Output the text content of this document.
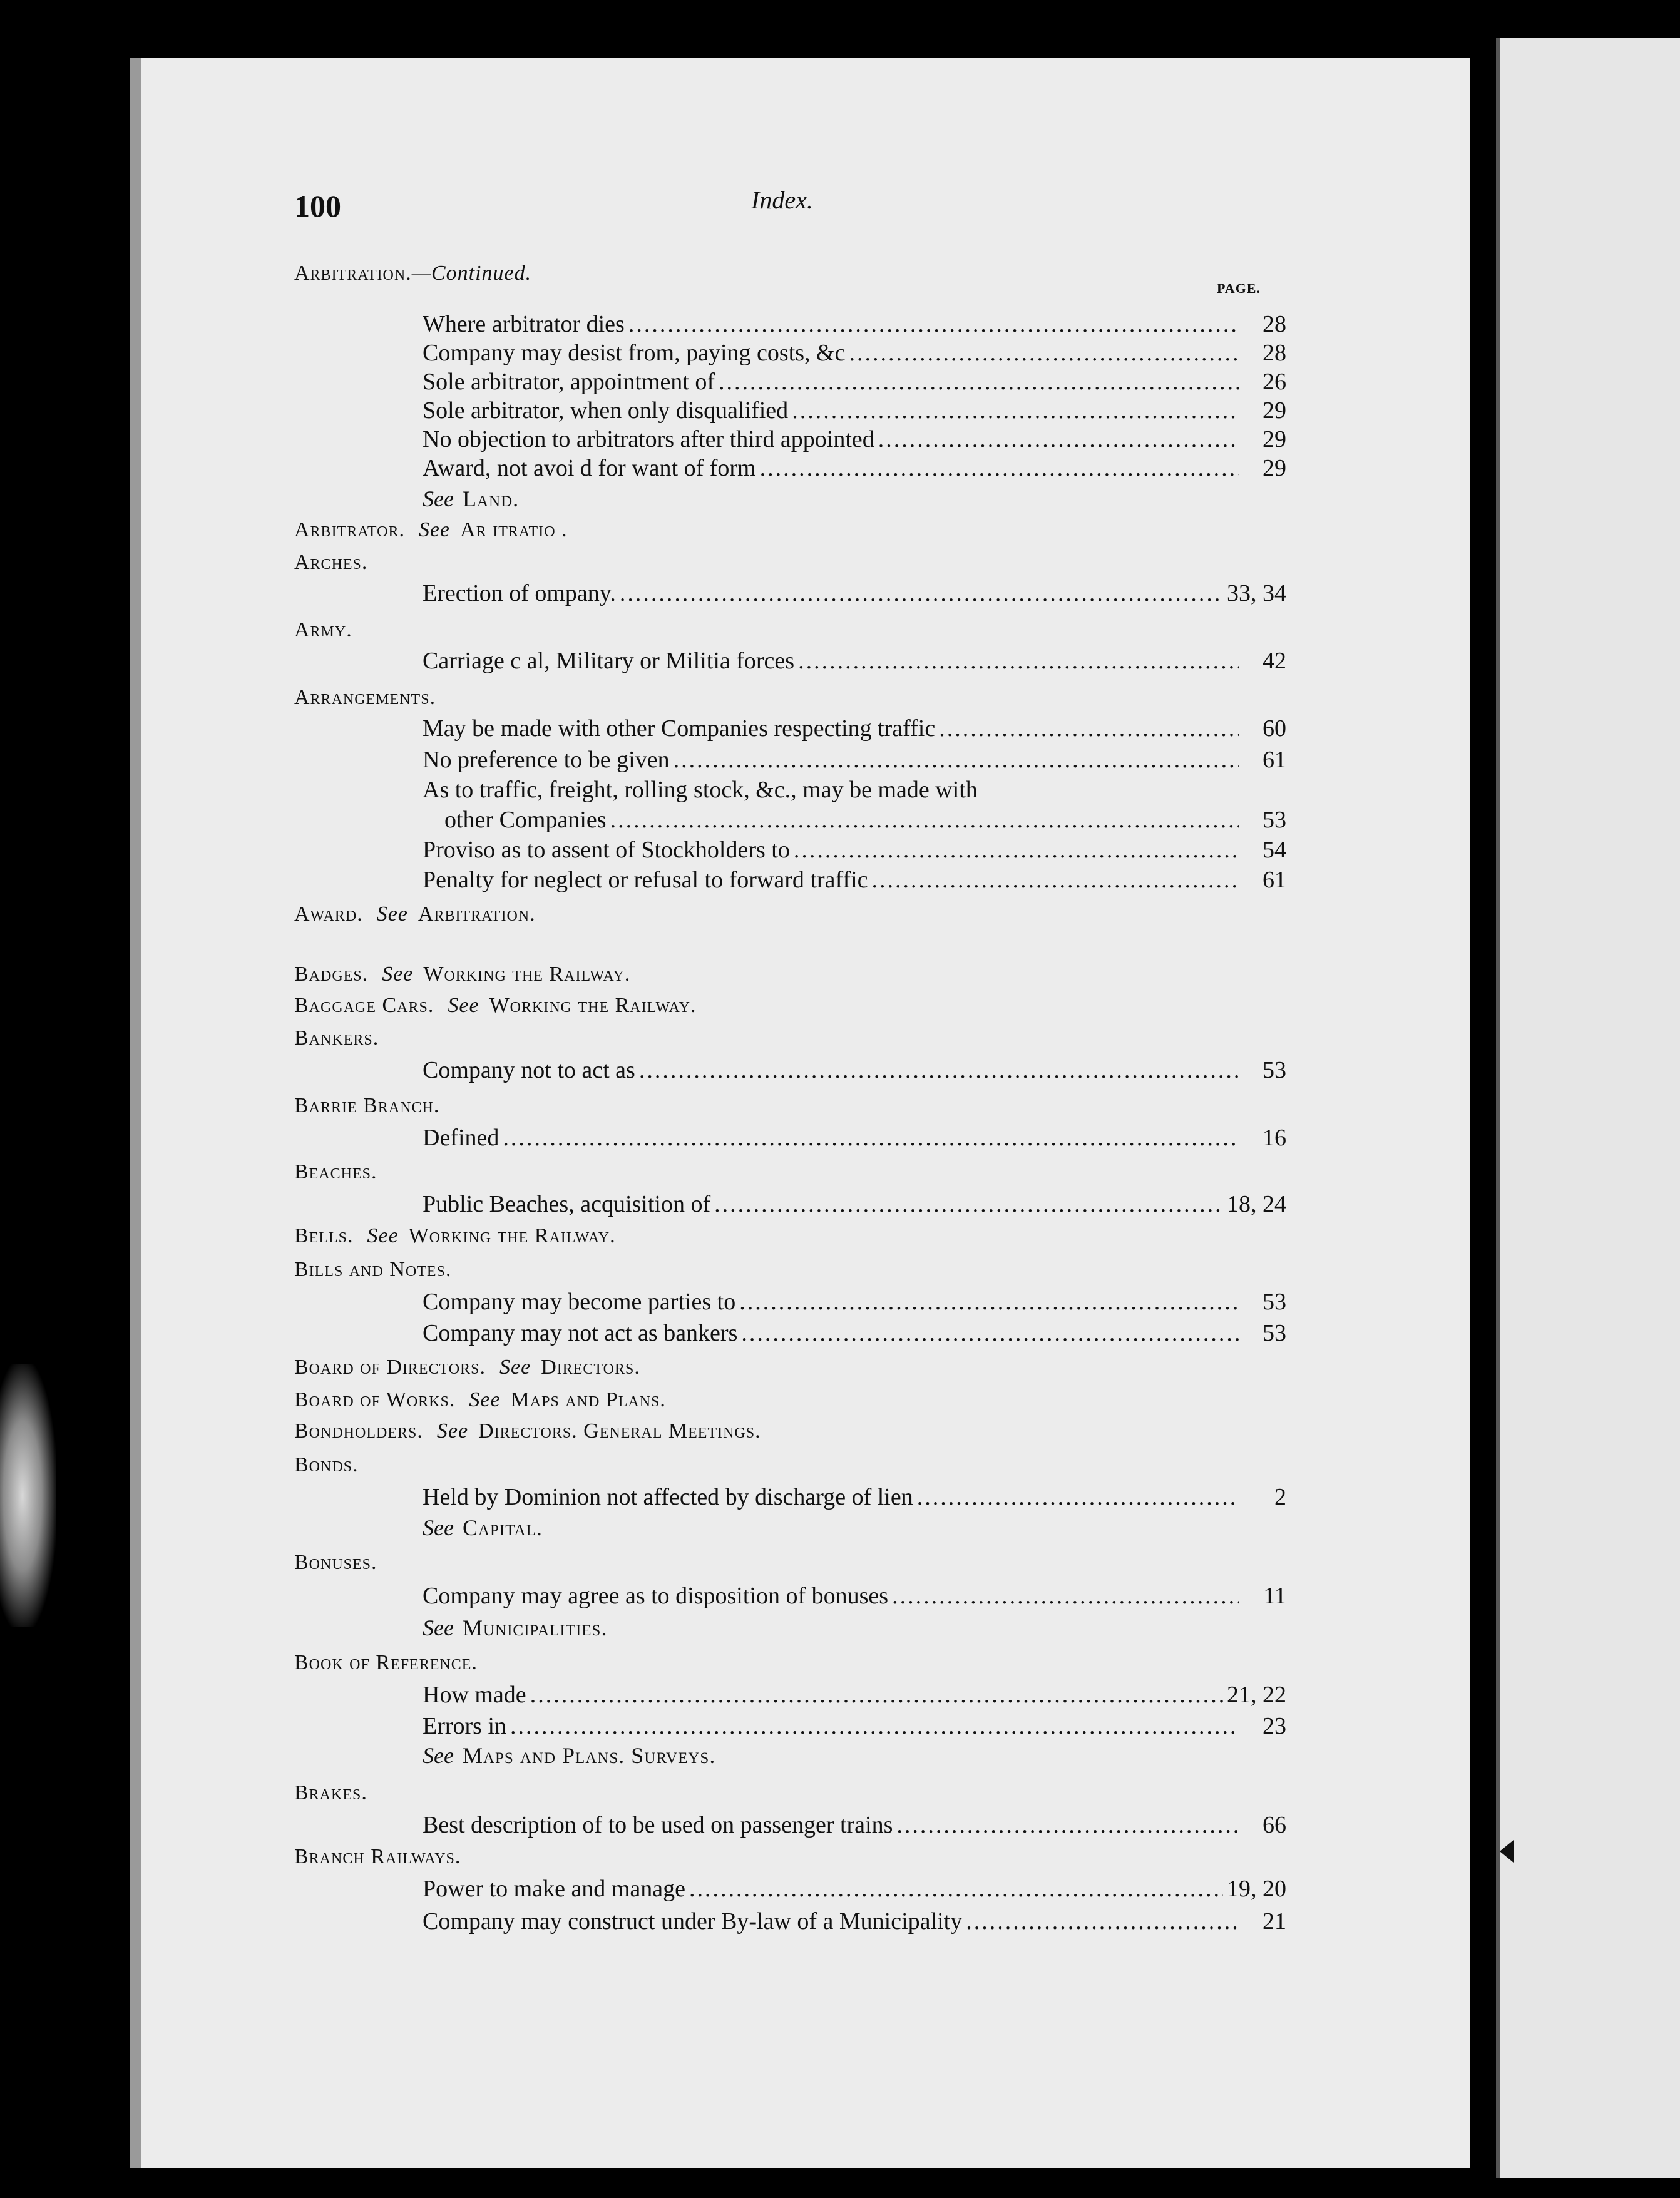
100	Index.
PAGE.
Arbitration.—Continued.
Where arbitrator dies .....	28
Company may desist from, paying costs, &c .....	28
Sole arbitrator, appointment of .....	26
Sole arbitrator, when only disqualified .....	29
No objection to arbitrators after third appointed .....	29
Award, not avoi d for want of form .....	29
See Land.
Arbitrator. See Ar itratio .
Arches.
Erection of ompany. .....	33, 34
Army.
Carriage c al, Military or Militia forces .....	42
Arrangements.
May be made with other Companies respecting traffic .....	60
No preference to be given .....	61
As to traffic, freight, rolling stock, &c., may be made with
other Companies .....	53
Proviso as to assent of Stockholders to .....	54
Penalty for neglect or refusal to forward traffic .....	61
Award. See Arbitration.
Badges. See Working the Railway.
Baggage Cars. See Working the Railway.
Bankers.
Company not to act as .....	53
Barrie Branch.
Defined .....	16
Beaches.
Public Beaches, acquisition of .....	18, 24
Bells. See Working the Railway.
Bills and Notes.
Company may become parties to .....	53
Company may not act as bankers .....	53
Board of Directors. See Directors.
Board of Works. See Maps and Plans.
Bondholders. See Directors. General Meetings.
Bonds.
Held by Dominion not affected by discharge of lien .....	2
See Capital.
Bonuses.
Company may agree as to disposition of bonuses .....	11
See Municipalities.
Book of Reference.
How made .....	21, 22
Errors in .....	23
See Maps and Plans. Surveys.
Brakes.
Best description of to be used on passenger trains .....	66
Branch Railways.
Power to make and manage .....	19, 20
Company may construct under By-law of a Municipality .....	21
